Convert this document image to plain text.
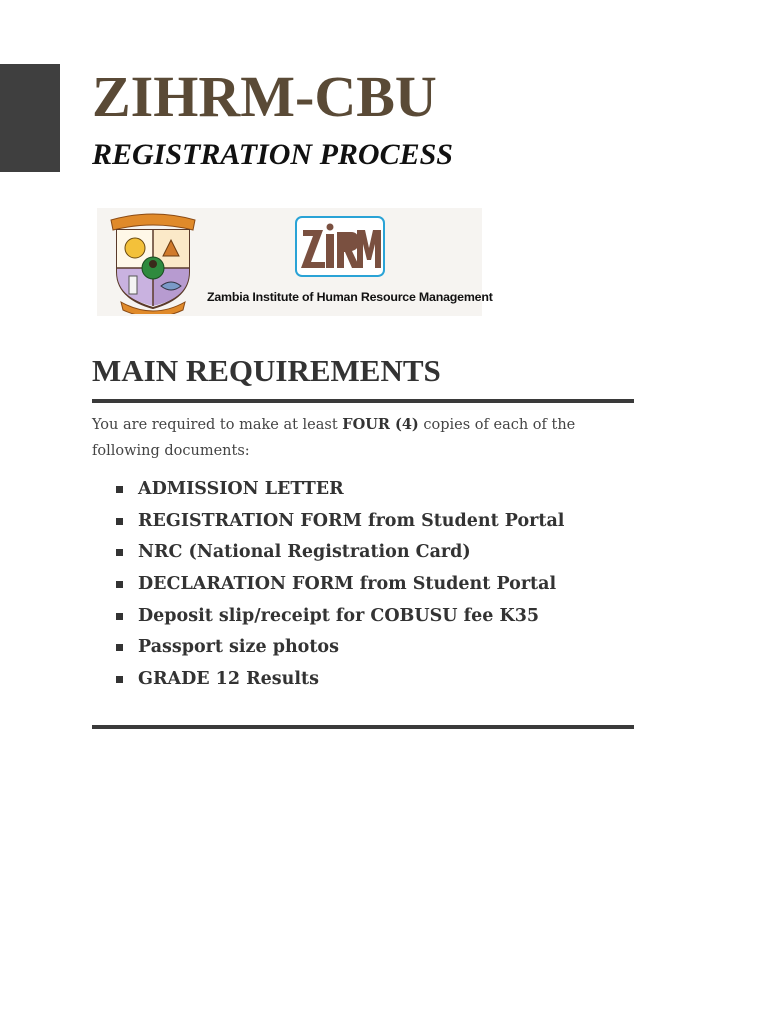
ZIHRM-CBU
REGISTRATION PROCESS
Zambia Institute of Human Resource Management
MAIN REQUIREMENTS

You are required to make at least FOUR (4) copies of each of the following documents:

ADMISSION LETTER
REGISTRATION FORM from Student Portal
NRC (National Registration Card)
DECLARATION FORM from Student Portal
Deposit slip/receipt for COBUSU fee K35
Passport size photos
GRADE 12 Results
